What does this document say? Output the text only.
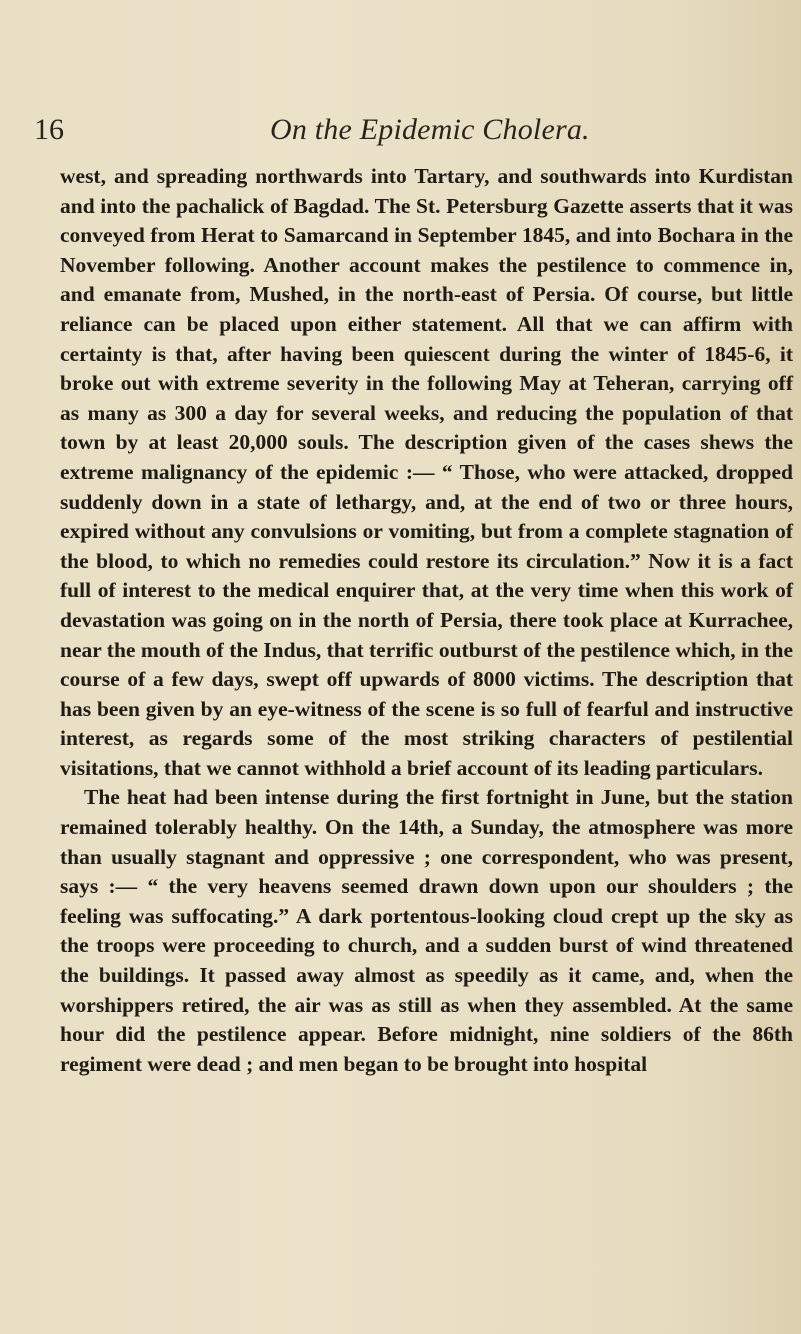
16	On the Epidemic Cholera.

west, and spreading northwards into Tartary, and southwards into Kurdistan and into the pachalick of Bagdad. The St. Petersburg Gazette asserts that it was conveyed from Herat to Samarcand in September 1845, and into Bochara in the November following. Another account makes the pestilence to commence in, and emanate from, Mushed, in the north-east of Persia. Of course, but little reliance can be placed upon either statement. All that we can affirm with certainty is that, after having been quiescent during the winter of 1845-6, it broke out with extreme severity in the following May at Teheran, carrying off as many as 300 a day for several weeks, and reducing the population of that town by at least 20,000 souls. The description given of the cases shews the extreme malignancy of the epidemic :— “ Those, who were attacked, dropped suddenly down in a state of lethargy, and, at the end of two or three hours, expired without any convulsions or vomiting, but from a complete stagnation of the blood, to which no remedies could restore its circulation.” Now it is a fact full of interest to the medical enquirer that, at the very time when this work of devastation was going on in the north of Persia, there took place at Kurrachee, near the mouth of the Indus, that terrific outburst of the pestilence which, in the course of a few days, swept off upwards of 8000 victims. The description that has been given by an eye-witness of the scene is so full of fearful and instructive interest, as regards some of the most striking characters of pestilential visitations, that we cannot withhold a brief account of its leading particulars.

The heat had been intense during the first fortnight in June, but the station remained tolerably healthy. On the 14th, a Sunday, the atmosphere was more than usually stagnant and oppressive ; one correspondent, who was present, says :— “ the very heavens seemed drawn down upon our shoulders ; the feeling was suffocating.” A dark portentous-looking cloud crept up the sky as the troops were proceeding to church, and a sudden burst of wind threatened the buildings. It passed away almost as speedily as it came, and, when the worshippers retired, the air was as still as when they assembled. At the same hour did the pestilence appear. Before midnight, nine soldiers of the 86th regiment were dead ; and men began to be brought into hospital
